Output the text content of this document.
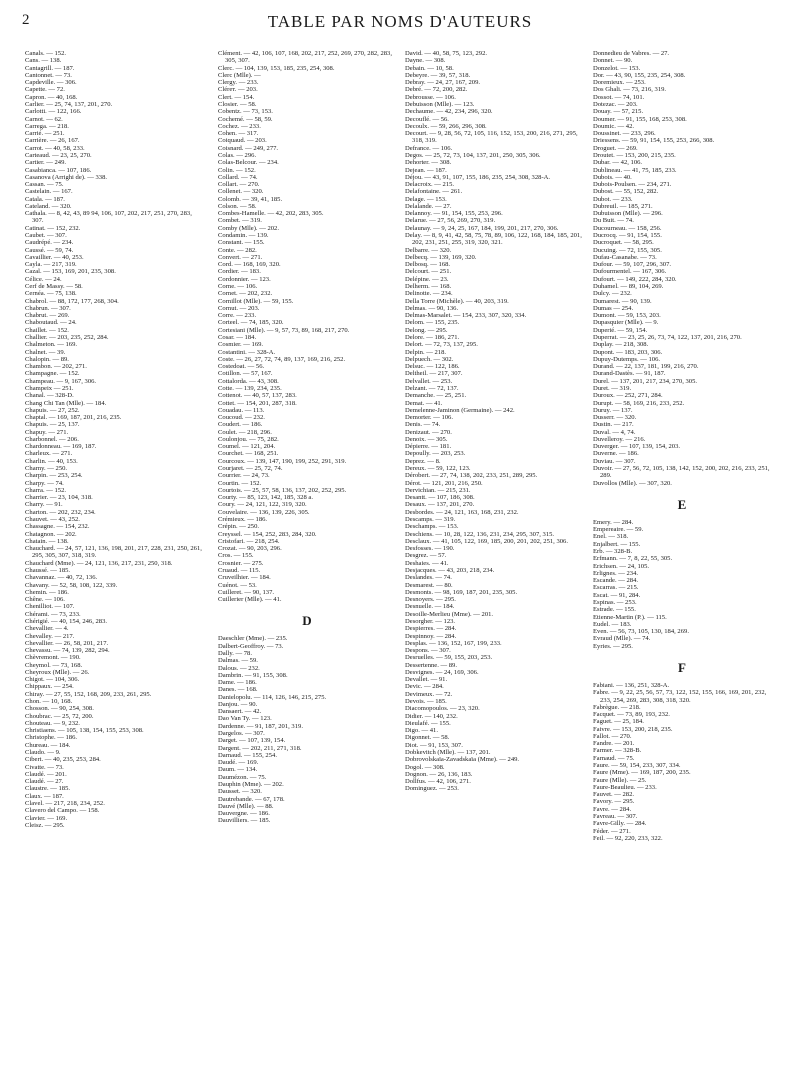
2	TABLE PAR NOMS D'AUTEURS
Canals. — 152.
Cans. — 138.
Cantagrill. — 187.
Cantonnet. — 73.
Capdeville. — 306.
Capette. — 72.
Capron. — 40, 168.
Carlier. — 25, 74, 137, 201, 270.
Carlotti. — 122, 166.
Carnot. — 62.
Carrega. — 218.
Carrié. — 251.
Carrière. — 26, 167.
Carrot. — 40, 58, 233.
Carteaud. — 23, 25, 270.
Cartier. — 249.
Casabianca. — 107, 186.
Casanova (Arrighi de). — 338.
Cassan. — 75.
Castelain. — 167.
Catala. — 187.
Cateland. — 320.
Cathala. — 8, 42, 43, 89 94, 106, 107, 202, 217, 251, 270, 283, 307.
Catinat. — 152, 232.
Caubet. — 307.
Caudrépé. — 234.
Caussé. — 59, 74.
Cavaillier. — 40, 253.
Cayla. — 217, 319.
Cazal. — 153, 169, 201, 235, 308.
Célice. — 24.
Cerf de Massy. — 58.
Cernéa. — 75, 138.
Chabrol. — 88, 172, 177, 268, 304.
Chabrun. — 307.
Chabrut. — 269.
Chaboutaud. — 24.
Chaillet. — 152.
Challier. — 203, 235, 252, 284.
Chalmeton. — 169.
Chalnet. — 39.
Chalopin. — 89.
Chambon. — 202, 271.
Champagne. — 152.
Champeau. — 9, 167, 306.
Champeix — 251.
Chanal. — 328-D.
Chang Chi Tan (Mlle). — 184.
Chapuis. — 27, 252.
Chaptal. — 169, 187, 201, 216, 235.
Chapuis. — 25, 137.
Chapuy. — 271.
Charbonnel. — 206.
Chardonneau. — 169, 187.
Charleux. — 271.
Charlin. — 40, 153.
Charny. — 250.
Charpin. — 253, 254.
Charpy. — 74.
Charra. — 152.
Charrier. — 23, 104, 318.
Charry. — 91.
Charton. — 202, 232, 234.
Chauvet. — 43, 252.
Chassagne. — 154, 232.
Chatagnon. — 202.
Chatain. — 138.
Chauchard. — 24, 57, 121, 136, 198, 201, 217, 228, 231, 250, 261, 295, 305, 307, 318, 319.
Chauchard (Mme). — 24, 121, 136, 217, 231, 250, 318.
Chaussé. — 185.
Chavannaz. — 40, 72, 136.
Chavany. — 52, 58, 108, 122, 339.
Chemin. — 186.
Chêne. — 106.
Chenilliot. — 107.
Chérami. — 73, 233.
Chérigié. — 40, 154, 246, 283.
Chevallier. — 4.
Chevalley. — 217.
Chevallier. — 26, 58, 201, 217.
Chevassu. — 74, 139, 282, 294.
Chèvremont. — 190.
Cheymol. — 73, 168.
Cheyroux (Mlle). — 26.
Chigot. — 104, 306.
Chippaux. — 254.
Chiray. — 27, 55, 152, 168, 209, 233, 261, 295.
Chon. — 10, 168.
Chosson. — 90, 254, 308.
Choubrac. — 25, 72, 200.
Chouteau. — 9, 232.
Christiaens. — 105, 138, 154, 155, 253, 308.
Christophe. — 186.
Chureau. — 184.
Claudo. — 9.
Cibert. — 40, 235, 253, 284.
Civatte. — 73.
Claudé. — 201.
Claudé. — 27.
Claustre. — 185.
Claux. — 187.
Clavel. — 217, 218, 234, 252.
Clavero del Campo. — 158.
Clavier. — 169.
Cleisz. — 295.
Clément. — 42, 106, 107, 168, 202, 217, 252, 269, 270, 282, 283, 305, 307.
Clerc. — 104, 139, 153, 185, 235, 254, 308.
Clerc (Mlle). —
Clergy. — 233.
Clérет. — 203.
Clert. — 154.
Closier. — 58.
Cobentz. — 73, 153.
Cochemé. — 58, 59.
Cochez. — 233.
Cohen. — 317.
Coiquaud. — 203.
Coisnard. — 249, 277.
Colas. — 296.
Colas-Belcour. — 234.
Colin. — 152.
Collard. — 74.
Collart. — 270.
Collenet. — 320.
Colomb. — 39, 41, 185.
Colson. — 58.
Combes-Hamelle. — 42, 202, 283, 305.
Combet. — 319.
Comby (Mlle). — 202.
Condamin. — 139.
Constant. — 155.
Conte. — 282.
Convert. — 271.
Cord. — 168, 169, 320.
Cordier. — 183.
Cordonnier. — 123.
Corne. — 106.
Cornet. — 202, 232.
Cornillot (Mlle). — 59, 155.
Cornut. — 203.
Corre. — 233.
Corteel. — 74, 185, 320.
Cortesiani (Mlle). — 9, 57, 73, 89, 168, 217, 270.
Cosar. — 184.
Cosmier. — 169.
Costantini. — 328-A.
Coste. — 26, 27, 72, 74, 89, 137, 169, 216, 252.
Costedoat. — 56.
Cotillon. — 57, 167.
Cottalorda. — 43, 308.
Cotte. — 139, 234, 235.
Cottenot. — 40, 57, 137, 283.
Cottet. — 154, 201, 287, 318.
Couadau. — 113.
Coucoud. — 232.
Coudert. — 186.
Coulet. — 218, 296.
Coulonjou. — 75, 282.
Coumel. — 121, 204.
Courchet. — 168, 251.
Courcoux. — 139, 147, 190, 199, 252, 291, 319.
Courjaret. — 25, 72, 74.
Courrier. — 24, 73.
Courtin. — 152.
Courtois. — 25, 57, 58, 136, 137, 202, 252, 295.
Courty. — 85, 123, 142, 185, 328 a.
Coury. — 24, 121, 122, 319, 320.
Couvelaire. — 136, 139, 226, 305.
Crémieux. — 186.
Crépin. — 250.
Creyssel. — 154, 252, 283, 284, 320.
Cristofari. — 218, 254.
Crozat. — 90, 203, 296.
Cros. — 155.
Crosnier. — 275.
Cruaud. — 115.
Cruveilhier. — 184.
Cuénot. — 53.
Cuilleret. — 90, 137.
Cuillerier (Mlle). — 41.
D
Daeschler (Mme). — 235.
Dalbert-Geoffroy. — 73.
Dally. — 78.
Dalmas. — 59.
Dalous. — 232.
Dambrin. — 91, 155, 308.
Dame. — 186.
Danes. — 168.
Danielopolu. — 114, 126, 146, 215, 275.
Danjou. — 90.
Dansaert. — 42.
Dao Van Ty. — 123.
Dardenne. — 91, 187, 201, 319.
Dargelos. — 307.
Darget. — 107, 139, 154.
Dargent. — 202, 211, 271, 318.
Darnaud. — 155, 254.
Daudé. — 169.
Daum. — 134.
Daumézon. — 75.
Dauphin (Mme). — 202.
Dausset. — 320.
Dautrebande. — 67, 178.
Dauvé (Mlle). — 88.
Dauvergne. — 186.
Dauvilliers. — 185.
David. — 40, 58, 75, 123, 292.
Dayne. — 308.
Debain. — 10, 58.
Debeyre. — 39, 57, 318.
Debray. — 24, 27, 167, 209.
Debré. — 72, 200, 282.
Debrousse. — 106.
Debuisson (Mlle). — 123.
Dechaume. — 42, 234, 296, 320.
Decouflé. — 56.
Decoulx. — 59, 266, 296, 308.
Decourt. — 9, 28, 56, 72, 105, 116, 152, 153, 200, 216, 271, 295, 318, 319.
Defrance. — 106.
Degos. — 25, 72, 73, 104, 137, 201, 250, 305, 306.
Dehorter. — 308.
Dejean. — 187.
Déjou. — 43, 91, 107, 155, 186, 235, 254, 308, 328-A.
Delacroix. — 215.
Delafontaine. — 261.
Delage. — 153.
Delalande. — 27.
Delannoy. — 91, 154, 155, 253, 296.
Delarue. — 27, 56, 269, 270, 319.
Delaunay. — 9, 24, 25, 167, 184, 199, 201, 217, 270, 306.
Delay. — 8, 9, 41, 42, 58, 75, 78, 89, 106, 122, 168, 184, 185, 201, 202, 231, 251, 255, 319, 320, 321.
Delbarre. — 320.
Delbecq. — 139, 169, 320.
Delbosq. — 168.
Delcourt. — 251.
Delépine. — 23.
Delherm. — 168.
Delinotte. — 234.
Della Torre (Michèle). — 40, 203, 319.
Delmas. — 90, 136.
Delmas-Marsalet. — 154, 233, 307, 320, 334.
Delom. — 155, 235.
Delong. — 295.
Delore. — 186, 271.
Delort. — 72, 73, 137, 295.
Delpin. — 218.
Delpuech. — 302.
Delsuc. — 122, 186.
Deltheil. — 217, 307.
Delvallet. — 253.
Delzant. — 72, 137.
Demanche. — 25, 251.
Demat. — 41.
Demelenne-Jaminon (Germaine). — 242.
Demorter. — 106.
Denis. — 74.
Denizaut. — 270.
Denoix. — 305.
Dépierre. — 181.
Depoully. — 203, 253.
Deprez. — 8.
Dereux. — 59, 122, 123.
Dérobert. — 27, 74, 138, 202, 233, 251, 289, 295.
Dérot. — 121, 201, 216, 250.
Dervichian. — 215, 231.
Desantt. — 107, 186, 308.
Desaux. — 137, 201, 270.
Desbordes. — 24, 121, 163, 168, 231, 232.
Descamps. — 319.
Deschamps. — 153.
Deschiens. — 10, 28, 122, 136, 231, 234, 295, 307, 315.
Desclaux. — 41, 105, 122, 169, 185, 200, 201, 202, 251, 306.
Desfosses. — 190.
Desgrez. — 57.
Deshaies. — 41.
Desjacques. — 43, 203, 218, 234.
Deslandes. — 74.
Desmarest. — 80.
Desmonts. — 98, 169, 187, 201, 235, 305.
Desnoyers. — 295.
Desnuelle. — 184.
Desoille-Merlieu (Mme). — 201.
Desorgher. — 123.
Despierres. — 284.
Despinnoy. — 284.
Desplas. — 136, 152, 167, 199, 233.
Despons. — 307.
Desruelles. — 59, 155, 203, 253.
Dessertenne. — 89.
Desvignes. — 24, 169, 306.
Devallet. — 91.
Devic. — 284.
Devimeux. — 72.
Devois. — 185.
Diacomopoulos. — 23, 320.
Didier. — 140, 232.
Dieulafé. — 155.
Digo. — 41.
Digonnet. — 58.
Diot. — 91, 153, 307.
Dobkevitch (Mlle). — 137, 201.
Dobrovolskaïa-Zavadskaïa (Mme). — 249.
Dogol. — 308.
Dognon. — 26, 136, 183.
Dollfus. — 42, 106, 271.
Dominguez. — 253.
Donnedieu de Vabres. — 27.
Donnet. — 90.
Donzelot. — 153.
Dor. — 43, 90, 155, 235, 254, 308.
Doremieux. — 253.
Dos Ghali. — 73, 216, 319.
Dossot. — 74, 101.
Dotezac. — 203.
Douay. — 57, 215.
Doumer. — 91, 155, 168, 253, 308.
Doumic. — 42.
Doussinet. — 233, 296.
Driessens. — 59, 91, 154, 155, 253, 266, 308.
Droguet. — 269.
Droutet. — 153, 200, 215, 235.
Dubar. — 42, 106.
Dublineau. — 41, 75, 185, 233.
Dubois. — 40.
Dubois-Poulsen. — 234, 271.
Dubost. — 55, 152, 282.
Dubot. — 233.
Dubreuil. — 185, 271.
Dubuisson (Mlle). — 296.
Du Buit. — 74.
Ducourneau. — 158, 256.
Ducrocq. — 91, 154, 155.
Ducroquet. — 58, 295.
Ducuing. — 72, 155, 305.
Dufau-Casanabe. — 73.
Dufour. — 59, 107, 296, 307.
Dufourmentel. — 167, 306.
Dufourt. — 149, 222, 284, 320.
Duhamel. — 89, 104, 269.
Dulcy. — 232.
Dumarest. — 90, 139.
Dumas — 254.
Dumont. — 59, 153, 203.
Dupasquier (Mlle). — 9.
Duperié. — 59, 154.
Duperrat. — 23, 25, 26, 73, 74, 122, 137, 201, 216, 270.
Duplay. — 218, 308.
Dupont. — 183, 203, 306.
Dupuy-Dutemps. — 106.
Durand. — 22, 137, 181, 199, 216, 270.
Durand-Dastès. — 91, 187.
Durel. — 137, 201, 217, 234, 270, 305.
Duret. — 319.
Duroux. — 252, 271, 284.
Durupt. — 58, 169, 216, 233, 252.
Duruy. — 137.
Dusserr. — 320.
Dustin. — 217.
Duval. — 4, 74.
Duvelleroy. — 216.
Duverger. — 107, 139, 154, 203.
Duverne. — 186.
Duviau. — 307.
Duvoir. — 27, 56, 72, 105, 138, 142, 152, 200, 202, 216, 233, 251, 289.
Duvollos (Mlle). — 307, 320.
E
Emery. — 284.
Empereaire. — 59.
Enel. — 318.
Enjalbert. — 155.
Erb. — 328-B.
Erfmann. — 7, 8, 22, 55, 305.
Erichsen. — 24, 105.
Erlignes. — 234.
Escande. — 284.
Escarras. — 215.
Escat. — 91, 284.
Espinas. — 253.
Estrade. — 155.
Etienne-Martin (P.). — 115.
Eudel. — 183.
Even. — 56, 73, 105, 130, 184, 269.
Evraud (Mlle). — 74.
Eyries. — 295.
F
Fabiani. — 136, 251, 328-A.
Fabre. — 9, 22, 25, 56, 57, 73, 122, 152, 155, 166, 169, 201, 232, 233, 254, 269, 283, 308, 318, 320.
Fabrègue. — 218.
Facquet. — 73, 89, 193, 232.
Faguet. — 25, 184.
Faivre. — 153, 200, 218, 235.
Fallot. — 270.
Fandre. — 201.
Farmer. — 328-B.
Farnaud. — 75.
Faure. — 59, 154, 233, 307, 334.
Faure (Mme). — 169, 187, 200, 235.
Faure (Mlle). — 25.
Faure-Beaulieu. — 233.
Fauvet. — 282.
Favory. — 295.
Favre. — 284.
Favreau. — 307.
Favre-Gilly. — 284.
Féder. — 271.
Feil. — 92, 220, 233, 322.
